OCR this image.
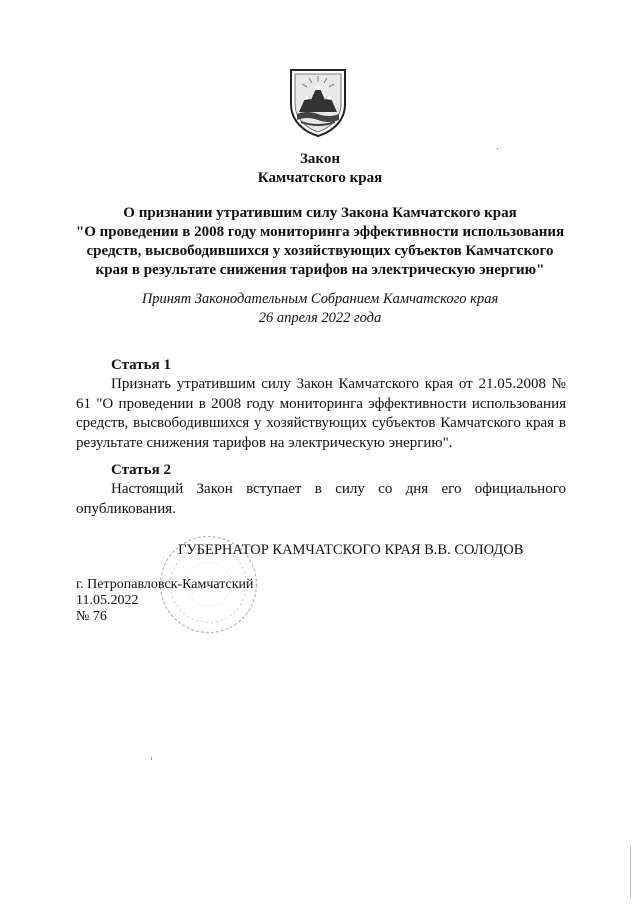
Закон
Камчатского края
О признании утратившим силу Закона Камчатского края
"О проведении в 2008 году мониторинга эффективности использования
средств, высвободившихся у хозяйствующих субъектов Камчатского
края в результате снижения тарифов на электрическую энергию"
Принят Законодательным Собранием Камчатского края
26 апреля 2022 года
Статья 1

Признать утратившим силу Закон Камчатского края от 21.05.2008 № 61 "О проведении в 2008 году мониторинга эффективности использования средств, высвободившихся у хозяйствующих субъектов Камчатского края в результате снижения тарифов на электрическую энергию".

Статья 2

Настоящий Закон вступает в силу со дня его официального опубликования.

ГУБЕРНАТОР КАМЧАТСКОГО КРАЯ В.В. СОЛОДОВ
г. Петропавловск-Камчатский
11.05.2022
№ 76
